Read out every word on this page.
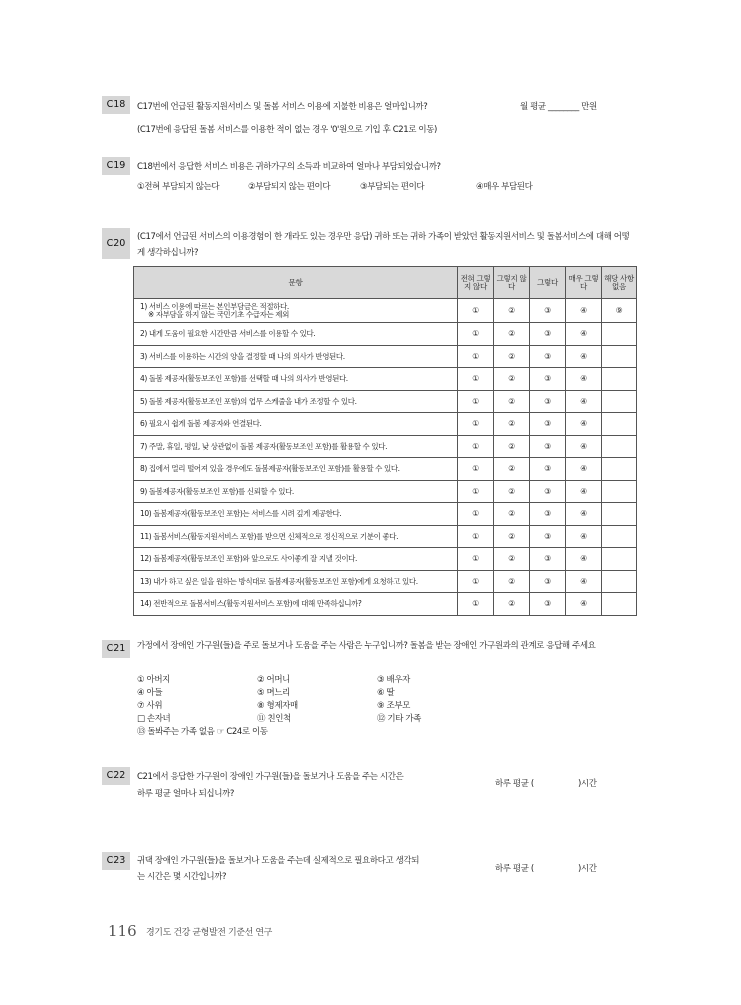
C18	C17번에 언급된 활동지원서비스 및 돌봄 서비스 이용에 지불한 비용은 얼마입니까?	월 평균 ________ 만원
(C17번에 응답된 돌봄 서비스를 이용한 적이 없는 경우 '0'원으로 기입 후 C21로 이동)
C19	C18번에서 응답한 서비스 비용은 귀하가구의 소득과 비교하여 얼마나 부담되었습니까?
①전혀 부담되지 않는다	②부담되지 않는 편이다	③부담되는 편이다	④매우 부담된다
C20
(C17에서 언급된 서비스의 이용경험이 한 개라도 있는 경우만 응답) 귀하 또는 귀하 가족이 받았던 활동지원서비스 및 돌봄서비스에 대해 어떻게 생각하십니까?
문항	전혀 그렇지 않다	그렇지 않다	그렇다	매우 그렇다	해당 사항 없음

1) 서비스 이용에 따르는 본인부담금은 적절하다.
※ 자부담을 하지 않는 국민기초 수급자는 제외	①	②	③	④	⑨

2) 내게 도움이 필요한 시간만큼 서비스를 이용할 수 있다.	①	②	③	④	

3) 서비스를 이용하는 시간의 양을 결정할 때 나의 의사가 반영된다.	①	②	③	④	

4) 돌봄 제공자(활동보조인 포함)를 선택할 때 나의 의사가 반영된다.	①	②	③	④	

5) 돌봄 제공자(활동보조인 포함)의 업무 스케줄을 내가 조정할 수 있다.	①	②	③	④	

6) 필요시 쉽게 돌봄 제공자와 연결된다.	①	②	③	④	

7) 주말, 휴일, 평일, 낮 상관없이 돌봄 제공자(활동보조인 포함)를 활용할 수 있다.	①	②	③	④	

8) 집에서 멀리 떨어져 있을 경우에도 돌봄제공자(활동보조인 포함)를 활용할 수 있다.	①	②	③	④	

9) 돌봄제공자(활동보조인 포함)를 신뢰할 수 있다.	①	②	③	④	

10) 돌봄제공자(활동보조인 포함)는 서비스를 시려 깊게 제공한다.	①	②	③	④	

11) 돌봄서비스(활동지원서비스 포함)를 받으면 신체적으로 정신적으로 기분이 좋다.	①	②	③	④	

12) 돌봄제공자(활동보조인 포함)와 앞으로도 사이좋게 잘 지낼 것이다.	①	②	③	④	

13) 내가 하고 싶은 일을 원하는 방식대로 돌봄제공자(활동보조인 포함)에게 요청하고 있다.	①	②	③	④	

14) 전반적으로 돌봄서비스(활동지원서비스 포함)에 대해 만족하십니까?	①	②	③	④	
C21	가정에서 장애인 가구원(들)을 주로 돌보거나 도움을 주는 사람은 누구입니까? 돌봄을 받는 장애인 가구원과의 관계로 응답해 주세요
① 아버지	② 어머니	③ 배우자
④ 아들	⑤ 며느리	⑥ 딸
⑦ 사위	⑧ 형제자매	⑨ 조부모
□ 손자녀	⑪ 친인척	⑫ 기타 가족
⑬ 돌봐주는 가족 없음 ☞ C24로 이동
C22	C21에서 응답한 가구원이 장애인 가구원(들)을 돌보거나 도움을 주는 시간은
하루 평균 얼마나 되십니까?
하루 평균 (	)시간
C23	귀댁 장애인 가구원(들)을 돌보거나 도움을 주는데 실제적으로 필요하다고 생각되
는 시간은 몇 시간입니까?
하루 평균 (	)시간
116 경기도 건강 균형발전 기준선 연구
